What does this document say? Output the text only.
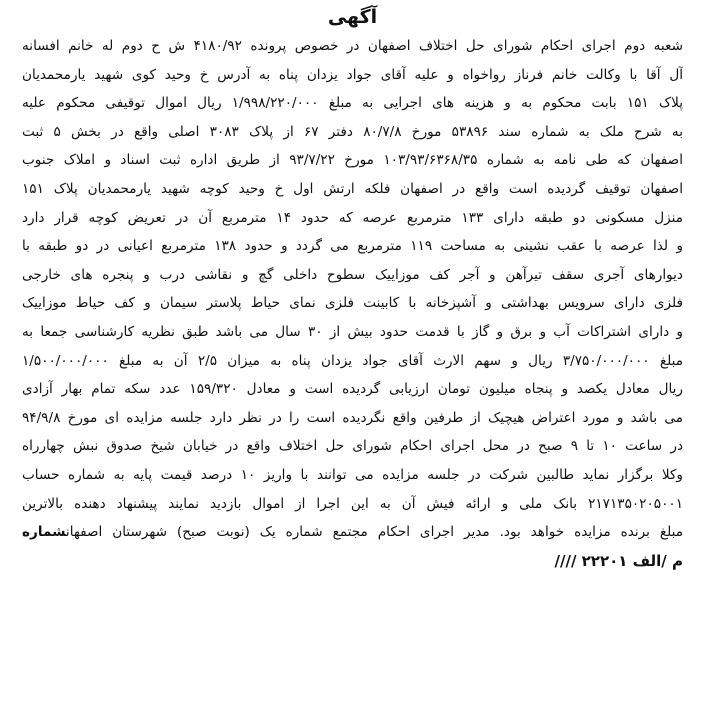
آگهی
شعبه دوم اجرای احکام شورای حل اختلاف اصفهان در خصوص پرونده ۴۱۸۰/۹۲ ش ح دوم له خانم افسانه
آل آقا با وکالت خانم فرناز رواخواه و علیه آقای جواد یزدان پناه به آدرس خ وحید کوی شهید یارمحمدیان
پلاک ۱۵۱ بابت محکوم به و هزینه های اجرایی به مبلغ ۱/۹۹۸/۲۲۰/۰۰۰ ریال اموال توقیفی محکوم علیه
به شرح ملک به شماره سند ۵۳۸۹۶ مورخ ۸۰/۷/۸ دفتر ۶۷ از پلاک ۳۰۸۳ اصلی واقع در بخش ۵ ثبت
اصفهان که طی نامه به شماره ۱۰۳/۹۳/۶۳۶۸/۳۵ مورخ ۹۳/۷/۲۲ از طریق اداره ثبت اسناد و املاک جنوب
اصفهان توقیف گردیده است واقع در اصفهان فلکه ارتش اول خ وحید کوچه شهید یارمحمدیان پلاک ۱۵۱
منزل مسکونی دو طبقه دارای ۱۳۳ مترمربع عرصه که حدود ۱۴ مترمربع آن در تعریض کوچه قرار دارد
و لذا عرصه با عقب نشینی به مساحت ۱۱۹ مترمربع می گردد و حدود ۱۳۸ مترمربع اعیانی در دو طبقه با
دیوارهای آجری سقف تیرآهن و آجر کف موزاییک سطوح داخلی گچ و نقاشی درب و پنجره های خارجی
فلزی دارای سرویس بهداشتی و آشپزخانه با کابینت فلزی نمای حیاط پلاستر سیمان و کف حیاط موزاییک
و دارای اشتراکات آب و برق و گاز با قدمت حدود بیش از ۳۰ سال می باشد طبق نظریه کارشناسی جمعا به
مبلغ ۳/۷۵۰/۰۰۰/۰۰۰ ریال و سهم الارث آقای جواد یزدان پناه به میزان ۲/۵ آن به مبلغ ۱/۵۰۰/۰۰۰/۰۰۰
ریال معادل یکصد و پنجاه میلیون تومان ارزیابی گردیده است و معادل ۱۵۹/۳۲۰ عدد سکه تمام بهار آزادی
می باشد و مورد اعتراض هیچیک از طرفین واقع نگردیده است را در نظر دارد جلسه مزایده ای مورخ ۹۴/۹/۸
در ساعت ۱۰ تا ۹ صبح در محل اجرای احکام شورای حل اختلاف واقع در خیابان شیخ صدوق نبش چهارراه
وکلا برگزار نماید طالبین شرکت در جلسه مزایده می توانند با واریز ۱۰ درصد قیمت پایه به شماره حساب
۲۱۷۱۳۵۰۲۰۵۰۰۱ بانک ملی و ارائه فیش آن به این اجرا از اموال بازدید نمایند پیشنهاد دهنده بالاترین
مبلغ برنده مزایده خواهد بود. مدیر اجرای احکام مجتمع شماره یک (نوبت صبح) شهرستان اصفهانشماره
م /الف ۲۲۲۰۱ ////
